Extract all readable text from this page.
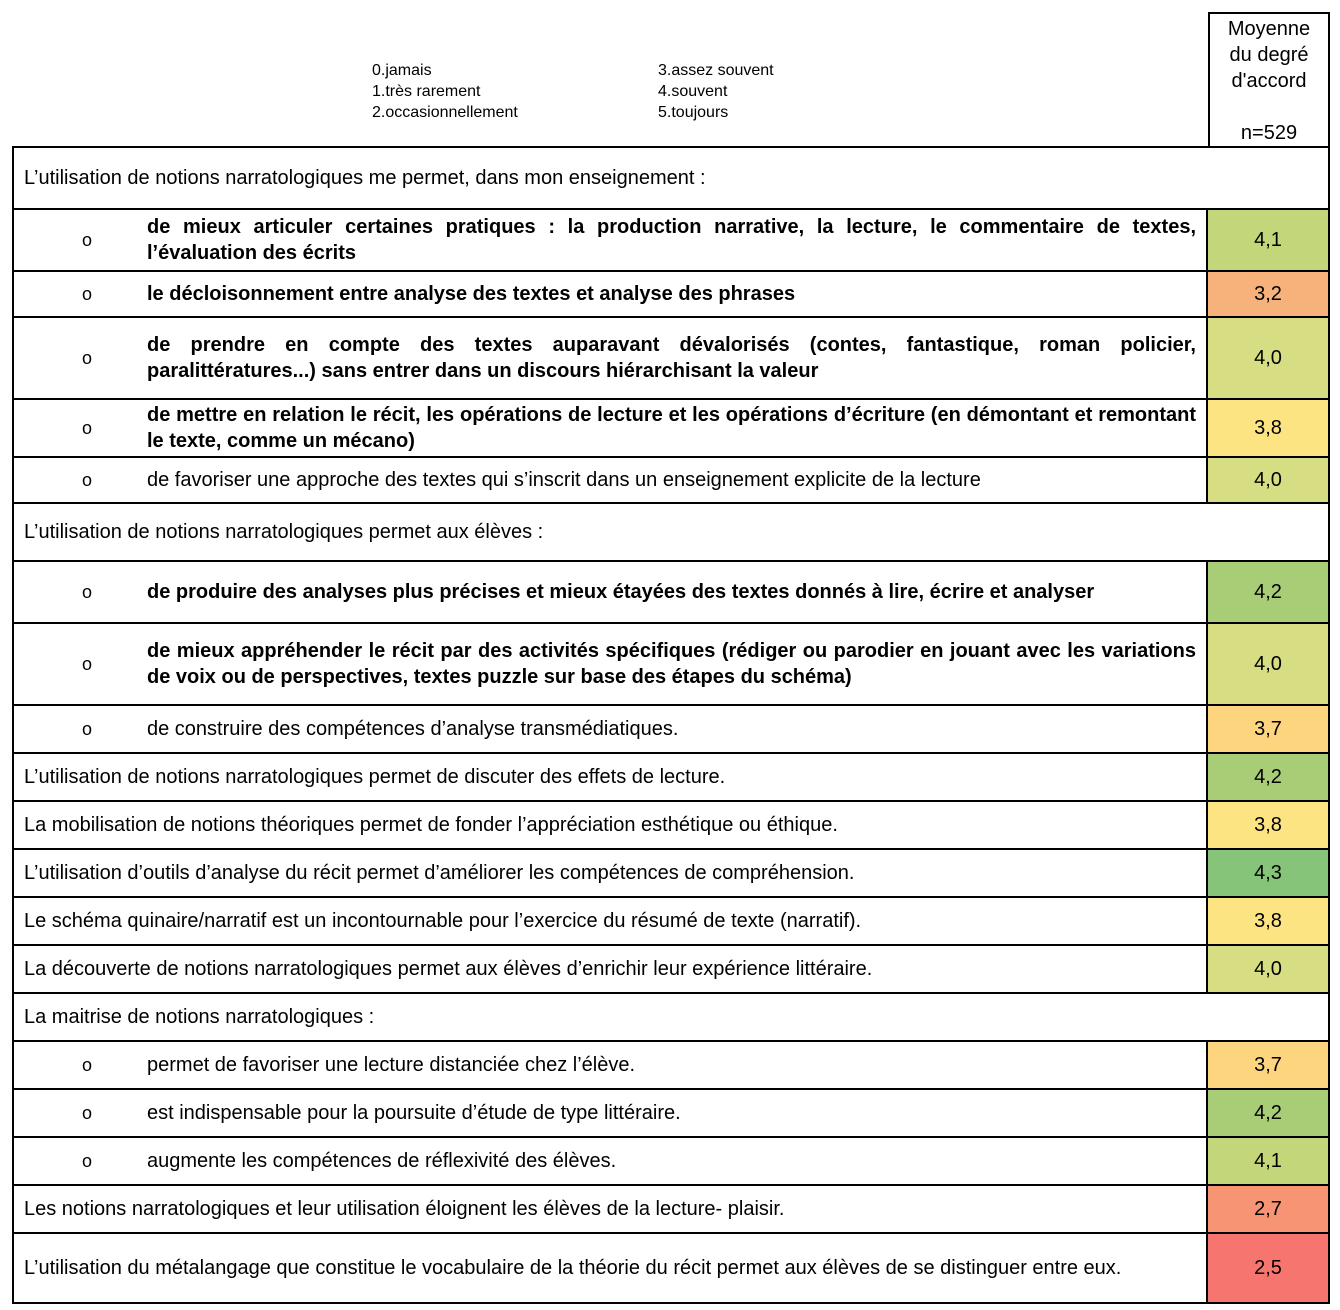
0.jamais
1.très rarement
2.occasionnellement
3.assez souvent
4.souvent
5.toujours
Moyenne
du degré
d'accord
n=529
L’utilisation de notions narratologiques me permet, dans mon enseignement :	

o
de mieux articuler certaines pratiques : la production narrative, la lecture, le commentaire de textes, l’évaluation des écrits	4,1

o le décloisonnement entre analyse des textes et analyse des phrases	3,2

o
de prendre en compte des textes auparavant dévalorisés (contes, fantastique, roman policier, paralittératures...) sans entrer dans un discours hiérarchisant la valeur	4,0

o
de mettre en relation le récit, les opérations de lecture et les opérations d’écriture (en démontant et remontant le texte, comme un mécano)	3,8

o de favoriser une approche des textes qui s’inscrit dans un enseignement explicite de la lecture	4,0
L’utilisation de notions narratologiques permet aux élèves :	

o de produire des analyses plus précises et mieux étayées des textes donnés à lire, écrire et analyser	4,2

o
de mieux appréhender le récit par des activités spécifiques (rédiger ou parodier en jouant avec les variations de voix ou de perspectives, textes puzzle sur base des étapes du schéma)	4,0

o de construire des compétences d’analyse transmédiatiques.	3,7
L’utilisation de notions narratologiques permet de discuter des effets de lecture.	4,2
La mobilisation de notions théoriques permet de fonder l’appréciation esthétique ou éthique.	3,8
L’utilisation d’outils d’analyse du récit permet d’améliorer les compétences de compréhension.	4,3
Le schéma quinaire/narratif est un incontournable pour l’exercice du résumé de texte (narratif).	3,8
La découverte de notions narratologiques permet aux élèves d’enrichir leur expérience littéraire.	4,0
La maitrise de notions narratologiques :	

o permet de favoriser une lecture distanciée chez l’élève.	3,7

o est indispensable pour la poursuite d’étude de type littéraire.	4,2

o augmente les compétences de réflexivité des élèves.	4,1
Les notions narratologiques et leur utilisation éloignent les élèves de la lecture- plaisir.	2,7
L’utilisation du métalangage que constitue le vocabulaire de la théorie du récit permet aux élèves de se distinguer entre eux.	2,5
